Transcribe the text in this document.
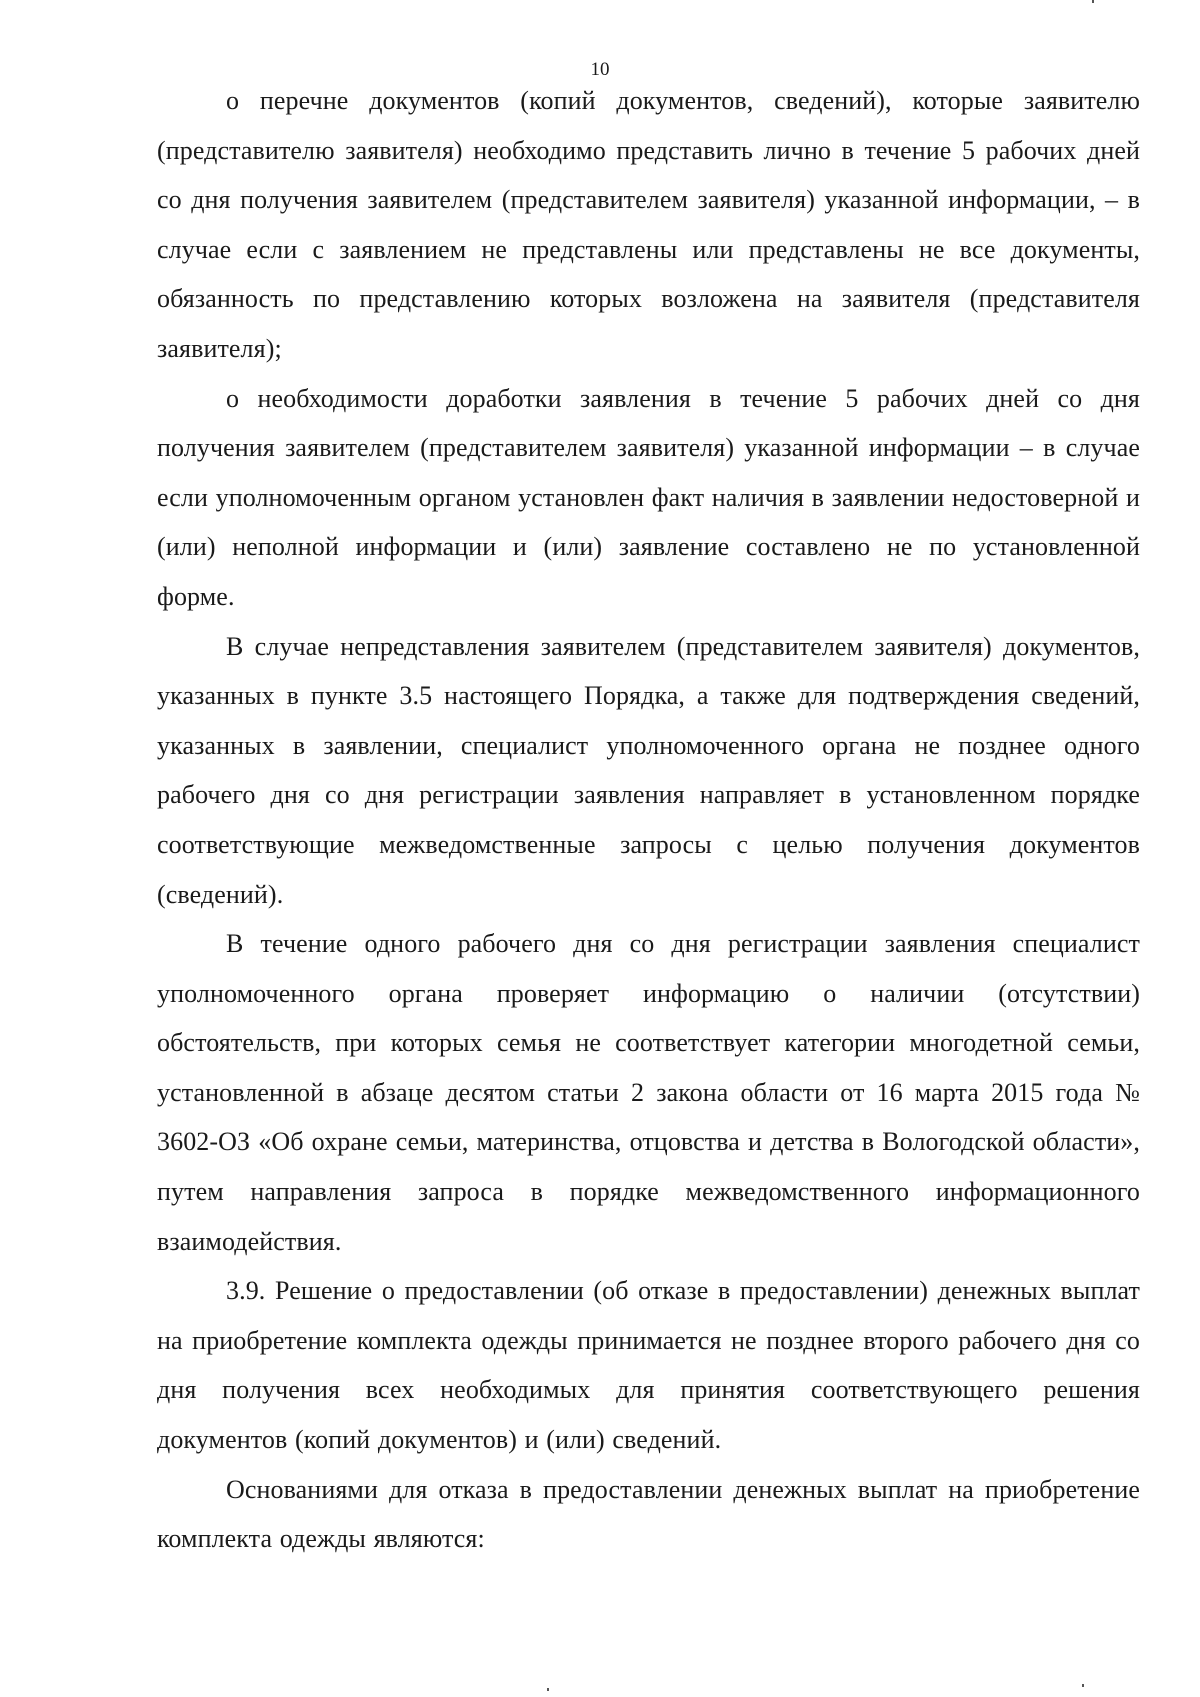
10

о перечне документов (копий документов, сведений), которые заявителю (представителю заявителя) необходимо представить лично в течение 5 рабочих дней со дня получения заявителем (представителем заявителя) указанной информации, – в случае если с заявлением не представлены или представлены не все документы, обязанность по представлению которых возложена на заявителя (представителя заявителя);

о необходимости доработки заявления в течение 5 рабочих дней со дня получения заявителем (представителем заявителя) указанной информации – в случае если уполномоченным органом установлен факт наличия в заявлении недостоверной и (или) неполной информации и (или) заявление составлено не по установленной форме.

В случае непредставления заявителем (представителем заявителя) документов, указанных в пункте 3.5 настоящего Порядка, а также для подтверждения сведений, указанных в заявлении, специалист уполномоченного органа не позднее одного рабочего дня со дня регистрации заявления направляет в установленном порядке соответствующие межведомственные запросы с целью получения документов (сведений).

В течение одного рабочего дня со дня регистрации заявления специалист уполномоченного органа проверяет информацию о наличии (отсутствии) обстоятельств, при которых семья не соответствует категории многодетной семьи, установленной в абзаце десятом статьи 2 закона области от 16 марта 2015 года № 3602-ОЗ «Об охране семьи, материнства, отцовства и детства в Вологодской области», путем направления запроса в порядке межведомственного информационного взаимодействия.

3.9. Решение о предоставлении (об отказе в предоставлении) денежных выплат на приобретение комплекта одежды принимается не позднее второго рабочего дня со дня получения всех необходимых для принятия соответствующего решения документов (копий документов) и (или) сведений.

Основаниями для отказа в предоставлении денежных выплат на приобретение комплекта одежды являются:
